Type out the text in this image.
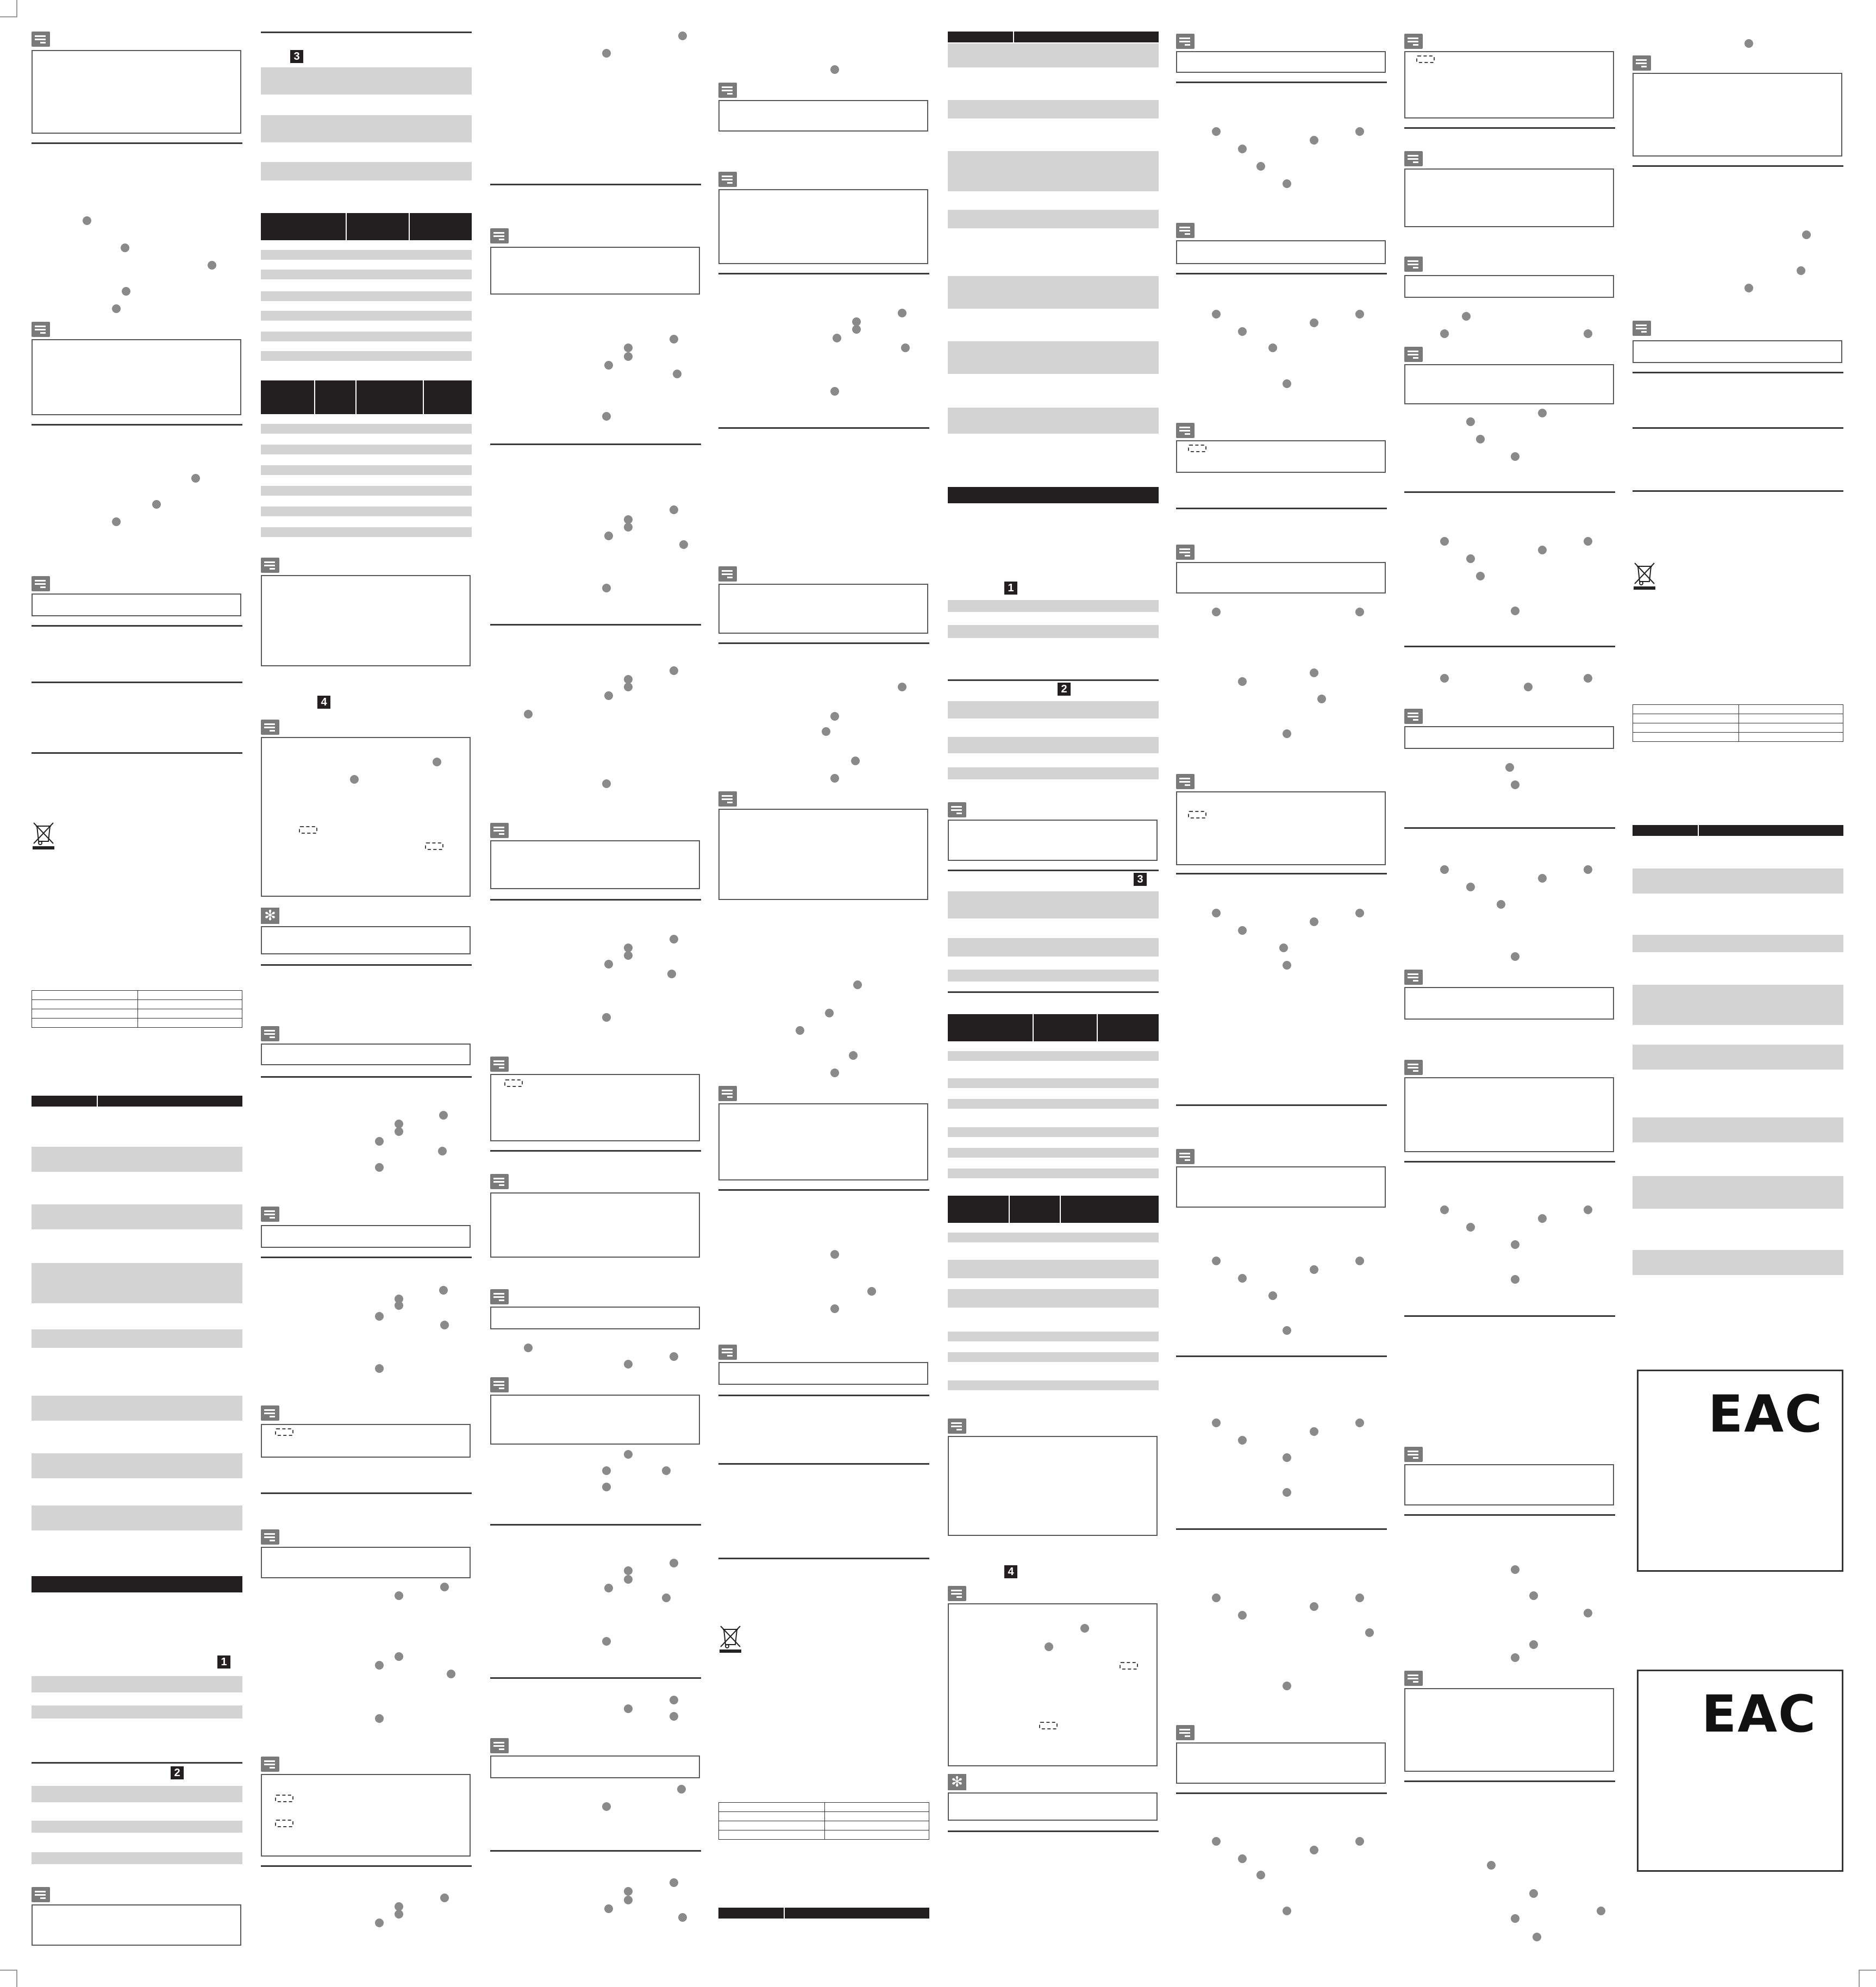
1
2
3
4
✻
1
2
3
4
✻
EAC
EAC
